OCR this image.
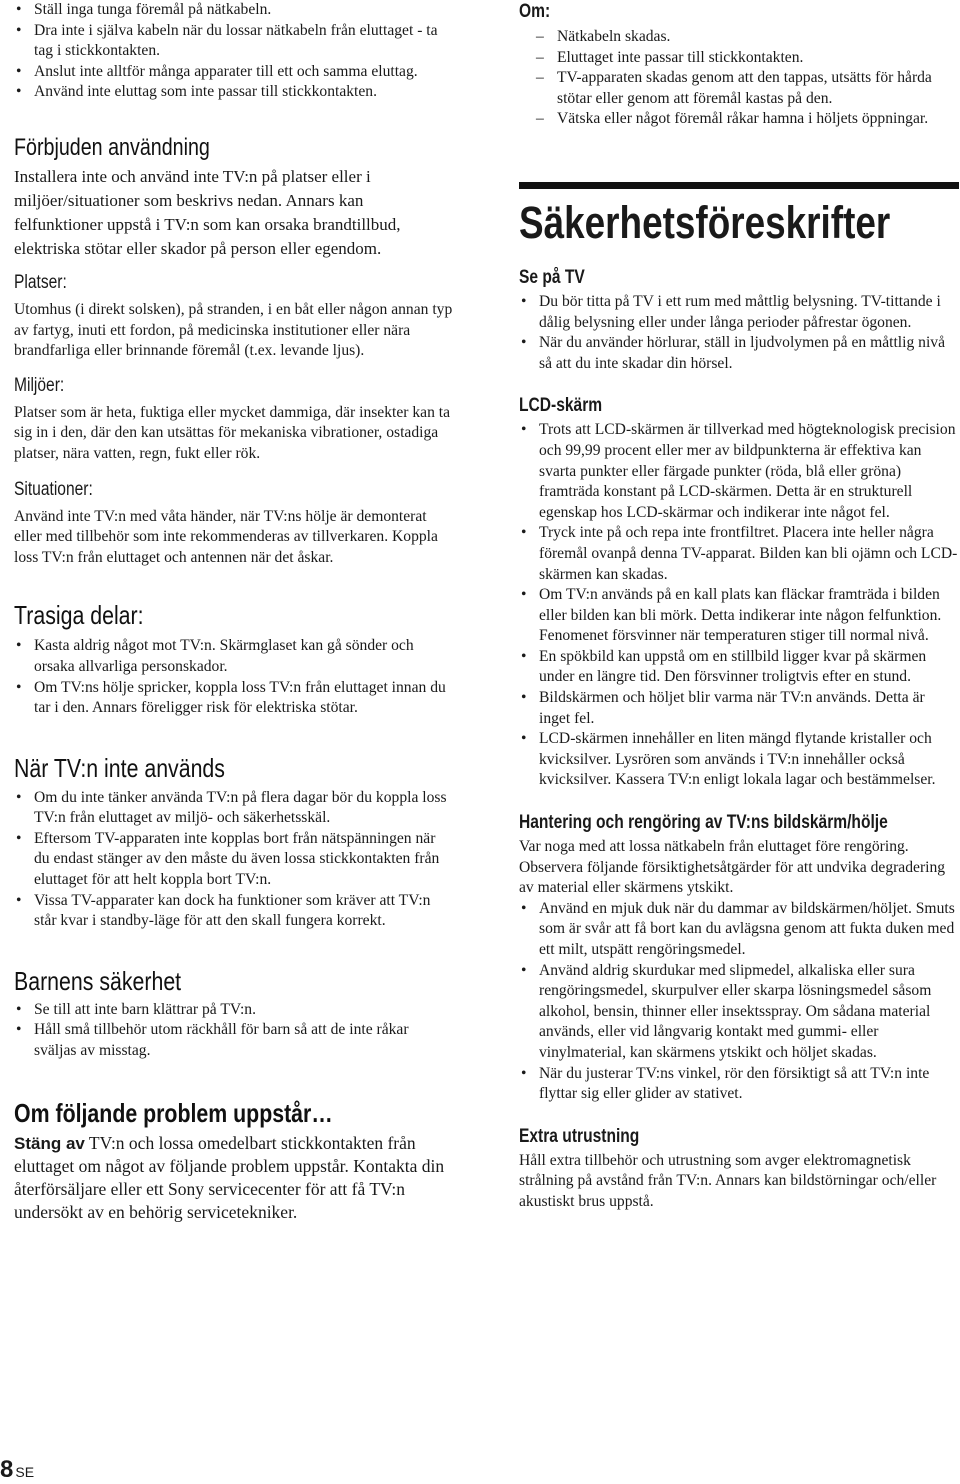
• Ställ inga tunga föremål på nätkabeln.
• Dra inte i själva kabeln när du lossar nätkabeln från eluttaget - ta tag i stickkontakten.
• Anslut inte alltför många apparater till ett och samma eluttag.
• Använd inte eluttag som inte passar till stickkontakten.
Förbjuden användning

Installera inte och använd inte TV:n på platser eller i miljöer/situationer som beskrivs nedan. Annars kan felfunktioner uppstå i TV:n som kan orsaka brandtillbud, elektriska stötar eller skador på person eller egendom.

Platser:

Utomhus (i direkt solsken), på stranden, i en båt eller någon annan typ av fartyg, inuti ett fordon, på medicinska institutioner eller nära brandfarliga eller brinnande föremål (t.ex. levande ljus).

Miljöer:

Platser som är heta, fuktiga eller mycket dammiga, där insekter kan ta sig in i den, där den kan utsättas för mekaniska vibrationer, ostadiga platser, nära vatten, regn, fukt eller rök.

Situationer:

Använd inte TV:n med våta händer, när TV:ns hölje är demonterat eller med tillbehör som inte rekommenderas av tillverkaren. Koppla loss TV:n från eluttaget och antennen när det åskar.

Trasiga delar:
• Kasta aldrig något mot TV:n. Skärmglaset kan gå sönder och orsaka allvarliga personskador.
• Om TV:ns hölje spricker, koppla loss TV:n från eluttaget innan du tar i den. Annars föreligger risk för elektriska stötar.
När TV:n inte används
• Om du inte tänker använda TV:n på flera dagar bör du koppla loss TV:n från eluttaget av miljö- och säkerhetsskäl.
• Eftersom TV-apparaten inte kopplas bort från nätspänningen när du endast stänger av den måste du även lossa stickkontakten från eluttaget för att helt koppla bort TV:n.
• Vissa TV-apparater kan dock ha funktioner som kräver att TV:n står kvar i standby-läge för att den skall fungera korrekt.
Barnens säkerhet
• Se till att inte barn klättrar på TV:n.
• Håll små tillbehör utom räckhåll för barn så att de inte råkar sväljas av misstag.
Om följande problem uppstår…

Stäng av TV:n och lossa omedelbart stickkontakten från eluttaget om något av följande problem uppstår. Kontakta din återförsäljare eller ett Sony servicecenter för att få TV:n undersökt av en behörig servicetekniker.

Om:
– Nätkabeln skadas.
– Eluttaget inte passar till stickkontakten.
– TV-apparaten skadas genom att den tappas, utsätts för hårda stötar eller genom att föremål kastas på den.
– Vätska eller något föremål råkar hamna i höljets öppningar.
Säkerhetsföreskrifter
Se på TV
• Du bör titta på TV i ett rum med måttlig belysning. TV-tittande i dålig belysning eller under långa perioder påfrestar ögonen.
• När du använder hörlurar, ställ in ljudvolymen på en måttlig nivå så att du inte skadar din hörsel.
LCD-skärm
• Trots att LCD-skärmen är tillverkad med högteknologisk precision och 99,99 procent eller mer av bildpunkterna är effektiva kan svarta punkter eller färgade punkter (röda, blå eller gröna) framträda konstant på LCD-skärmen. Detta är en strukturell egenskap hos LCD-skärmar och indikerar inte något fel.
• Tryck inte på och repa inte frontfiltret. Placera inte heller några föremål ovanpå denna TV-apparat. Bilden kan bli ojämn och LCD-skärmen kan skadas.
• Om TV:n används på en kall plats kan fläckar framträda i bilden eller bilden kan bli mörk. Detta indikerar inte någon felfunktion. Fenomenet försvinner när temperaturen stiger till normal nivå.
• En spökbild kan uppstå om en stillbild ligger kvar på skärmen under en längre tid. Den försvinner troligtvis efter en stund.
• Bildskärmen och höljet blir varma när TV:n används. Detta är inget fel.
• LCD-skärmen innehåller en liten mängd flytande kristaller och kvicksilver. Lysrören som används i TV:n innehåller också kvicksilver. Kassera TV:n enligt lokala lagar och bestämmelser.
Hantering och rengöring av TV:ns bildskärm/hölje

Var noga med att lossa nätkabeln från eluttaget före rengöring.

Observera följande försiktighetsåtgärder för att undvika degradering av material eller skärmens ytskikt.

• Använd en mjuk duk när du dammar av bildskärmen/höljet. Smuts som är svår att få bort kan du avlägsna genom att fukta duken med ett milt, utspätt rengöringsmedel.
• Använd aldrig skurdukar med slipmedel, alkaliska eller sura rengöringsmedel, skurpulver eller skarpa lösningsmedel såsom alkohol, bensin, thinner eller insektsspray. Om sådana material används, eller vid långvarig kontakt med gummi- eller vinylmaterial, kan skärmens ytskikt och höljet skadas.
• När du justerar TV:ns vinkel, rör den försiktigt så att TV:n inte flyttar sig eller glider av stativet.
Extra utrustning

Håll extra tillbehör och utrustning som avger elektromagnetisk strålning på avstånd från TV:n. Annars kan bildstörningar och/eller akustiskt brus uppstå.

8 SE
